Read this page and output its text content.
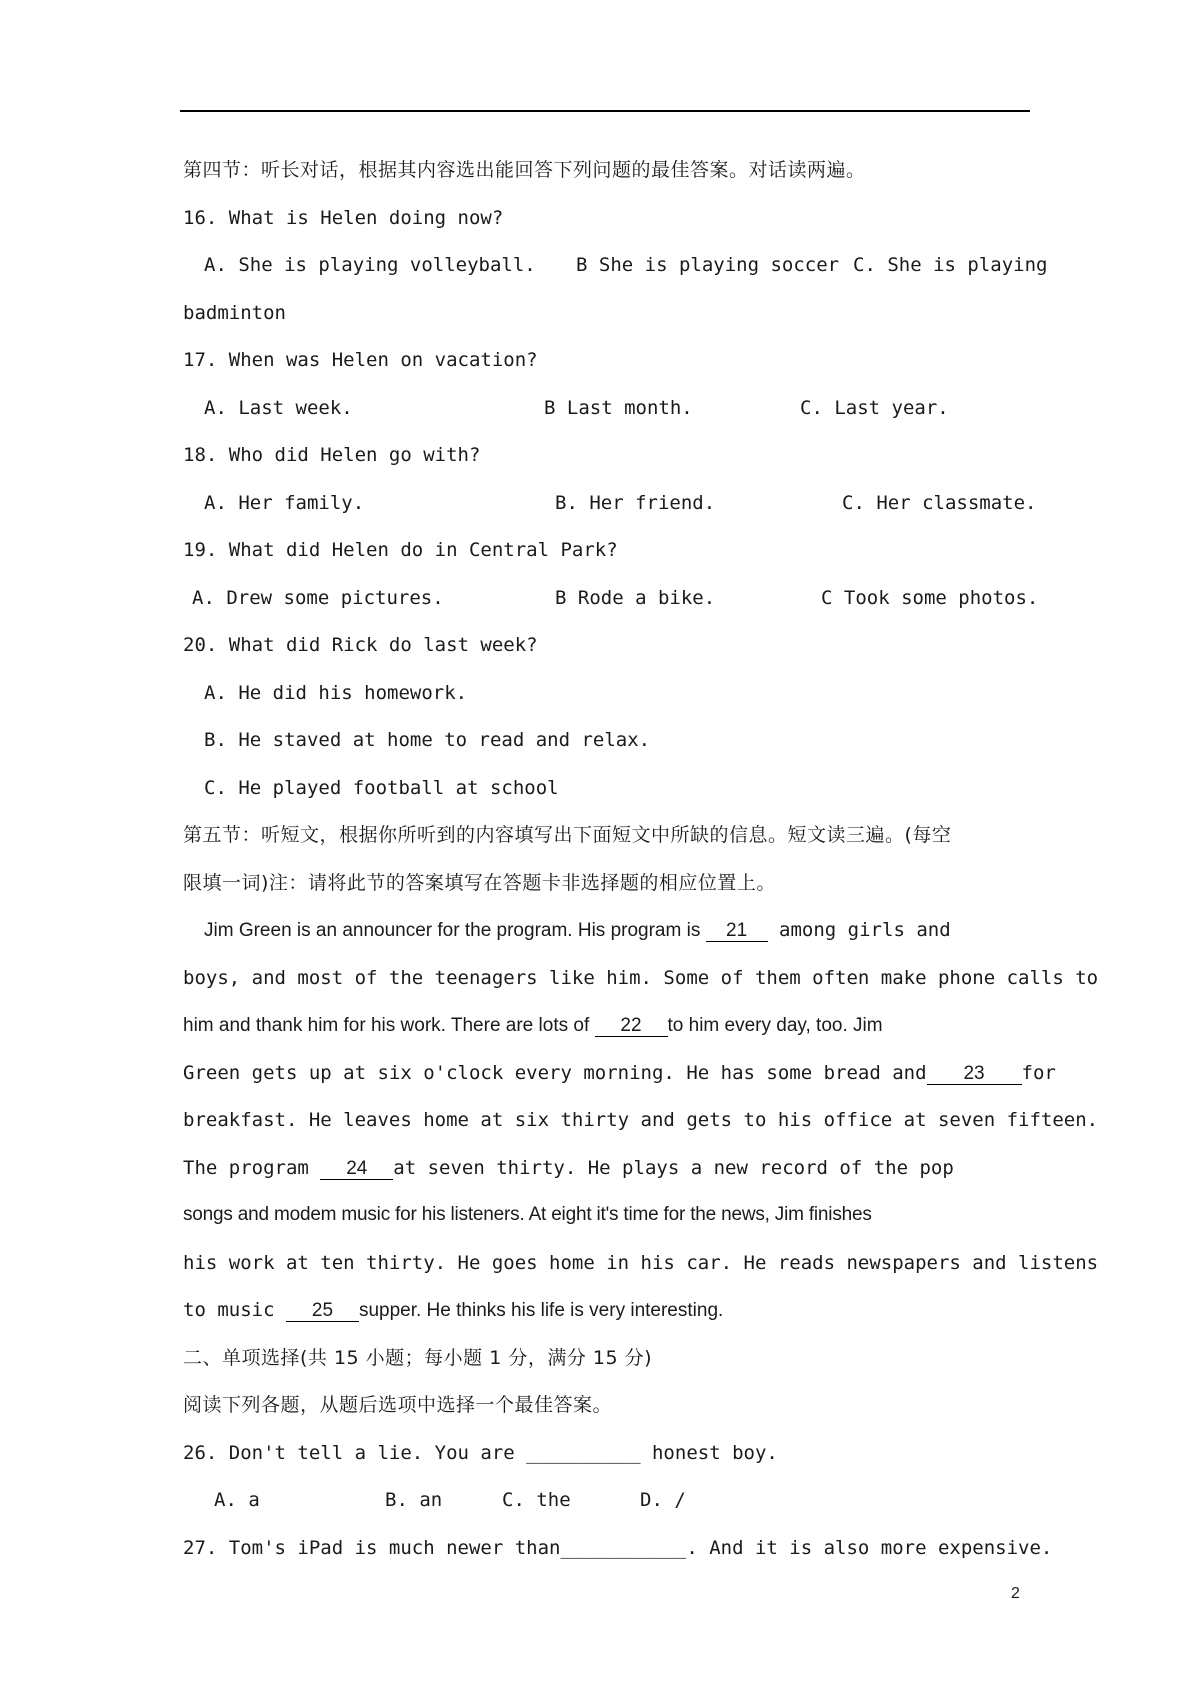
第四节：听长对话，根据其内容选出能回答下列问题的最佳答案。对话读两遍。
16. What is Helen doing now?
A. She is playing volleyball. B She is playing soccer C. She is playing
badminton
17. When was Helen on vacation?
A. Last week.	B Last month.	C. Last year.
18. Who did Helen go with?
A. Her family.	B. Her friend.	C. Her classmate.
19. What did Helen do in Central Park?
A. Drew some pictures.	B Rode a bike.	C Took some photos.
20. What did Rick do last week?
A. He did his homework.
B. He staved at home to read and relax.
C. He played football at school
第五节：听短文，根据你所听到的内容填写出下面短文中所缺的信息。短文读三遍。(每空
限填一词)注：请将此节的答案填写在答题卡非选择题的相应位置上。
Jim Green is an announcer for the program. His program is 21 among girls and
boys, and most of the teenagers like him. Some of them often make phone calls to
him and thank him for his work. There are lots of 22 to him every day, too. Jim
Green gets up at six o'clock every morning. He has some bread and 23 for
breakfast. He leaves home at six thirty and gets to his office at seven fifteen.
The program 24 at seven thirty. He plays a new record of the pop
songs and modem music for his listeners. At eight it's time for the news, Jim finishes
his work at ten thirty. He goes home in his car. He reads newspapers and listens
to music 25 supper. He thinks his life is very interesting.
二、单项选择(共 15 小题；每小题 1 分，满分 15 分)
阅读下列各题，从题后选项中选择一个最佳答案。
26. Don't tell a lie. You are __________ honest boy.
A. a	B. an	C. the	D. /
27. Tom's iPad is much newer than___________. And it is also more expensive.
2
